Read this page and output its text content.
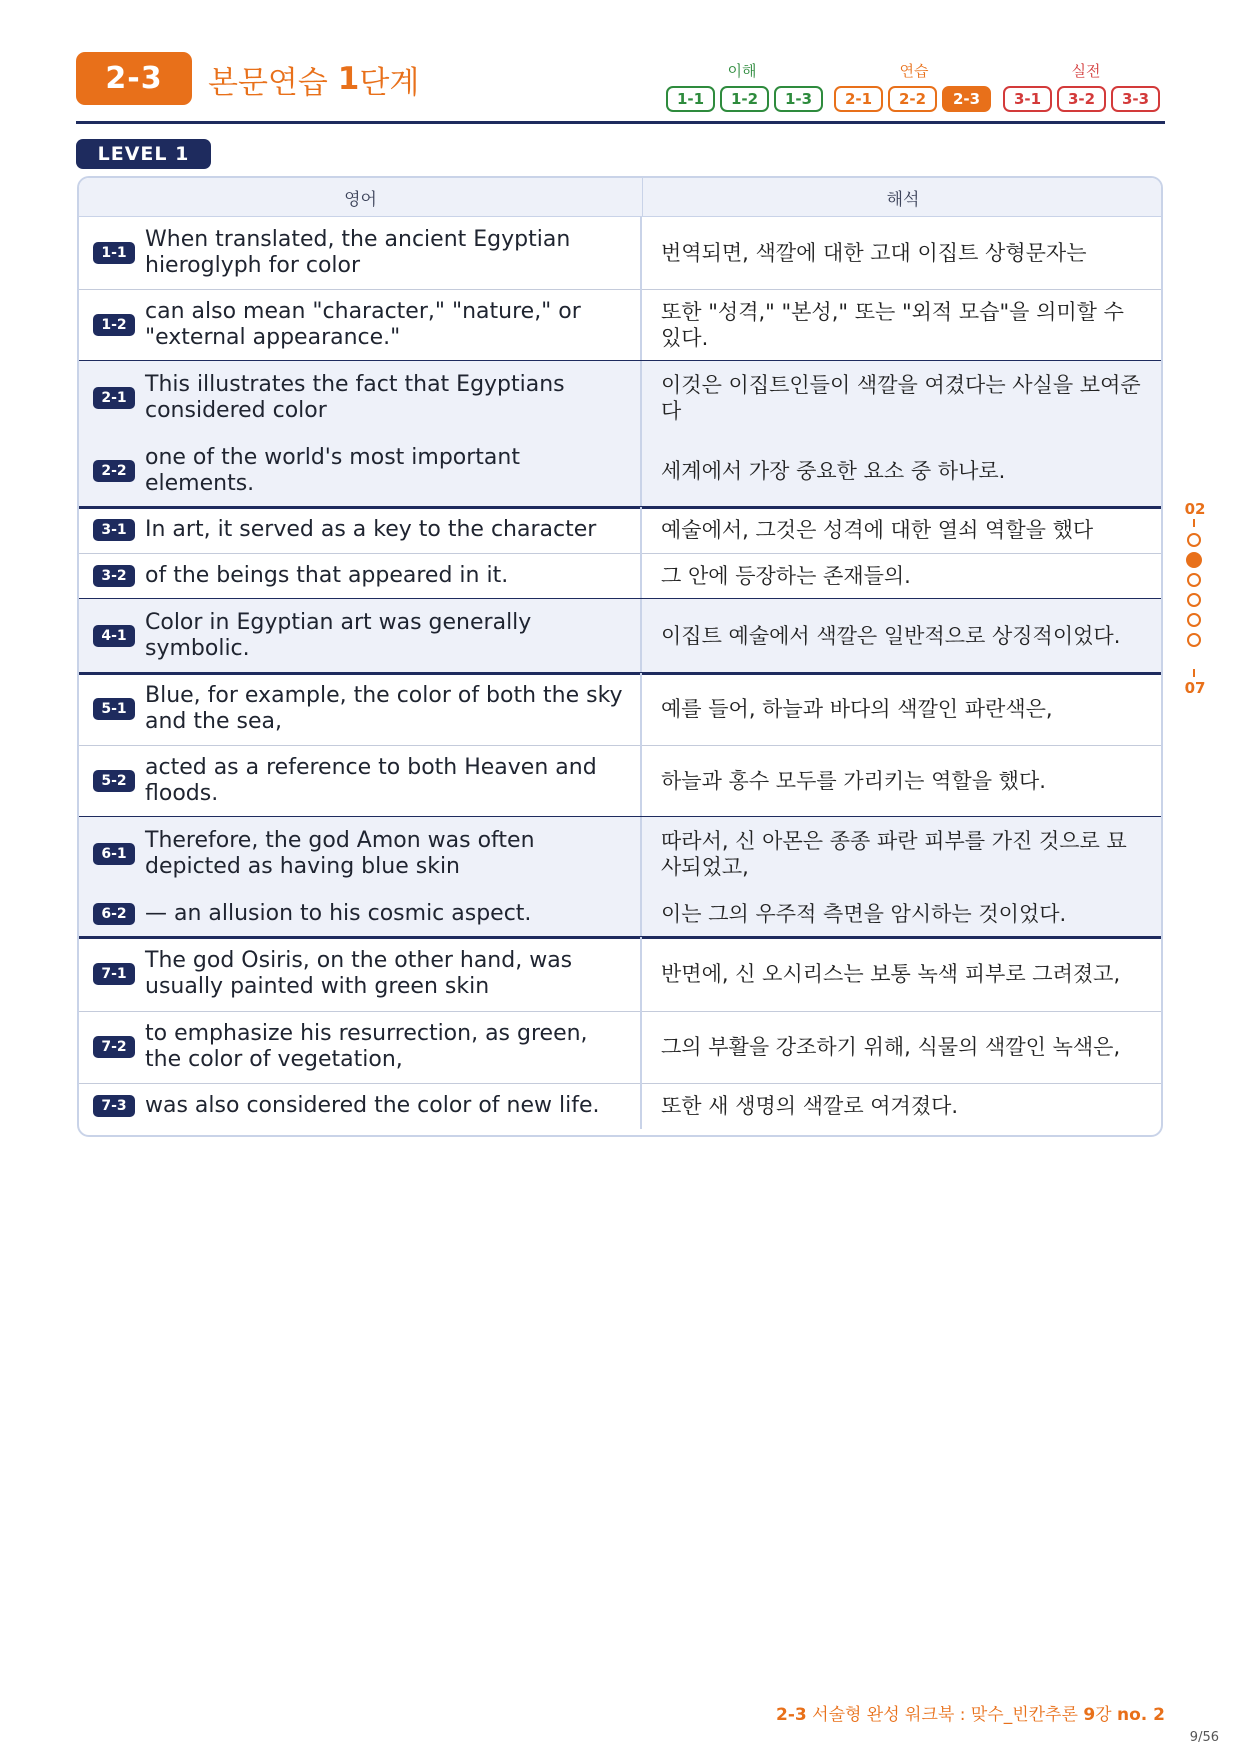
2-3	본문연습 1 단계	이해	연습	실전
1-1	1-2	1-3	2-1	2-2	2-3	3-1	3-2	3-3
LEVEL 1
영어	해석
1-1
When translated, the ancient Egyptian hieroglyph for color	번역되면, 색깔에 대한 고대 이집트 상형문자는
1-2
can also mean "character," "nature," or "external appearance."
또한 "성격," "본성," 또는 "외적 모습"을 의미할 수 있다.
2-1
This illustrates the fact that Egyptians considered color
이것은 이집트인들이 색깔을 여겼다는 사실을 보여준다
2-2
one of the world's most important elements.	세계에서 가장 중요한 요소 중 하나로.
3-1 In art, it served as a key to the character	예술에서, 그것은 성격에 대한 열쇠 역할을 했다
3-2 of the beings that appeared in it.	그 안에 등장하는 존재들의.
4-1
Color in Egyptian art was generally symbolic.	이집트 예술에서 색깔은 일반적으로 상징적이었다.
5-1
Blue, for example, the color of both the sky and the sea,	예를 들어, 하늘과 바다의 색깔인 파란색은,
5-2
acted as a reference to both Heaven and floods.	하늘과 홍수 모두를 가리키는 역할을 했다.
6-1
Therefore, the god Amon was often depicted as having blue skin
따라서, 신 아몬은 종종 파란 피부를 가진 것으로 묘사되었고,
6-2 — an allusion to his cosmic aspect.	이는 그의 우주적 측면을 암시하는 것이었다.
7-1
The god Osiris, on the other hand, was usually painted with green skin	반면에, 신 오시리스는 보통 녹색 피부로 그려졌고,
7-2
to emphasize his resurrection, as green, the color of vegetation,	그의 부활을 강조하기 위해, 식물의 색깔인 녹색은,
7-3 was also considered the color of new life.	또한 새 생명의 색깔로 여겨졌다.
02
07
2-3 서술형 완성 워크북 : 맞수_빈칸추론 9강 no. 2
9/56
